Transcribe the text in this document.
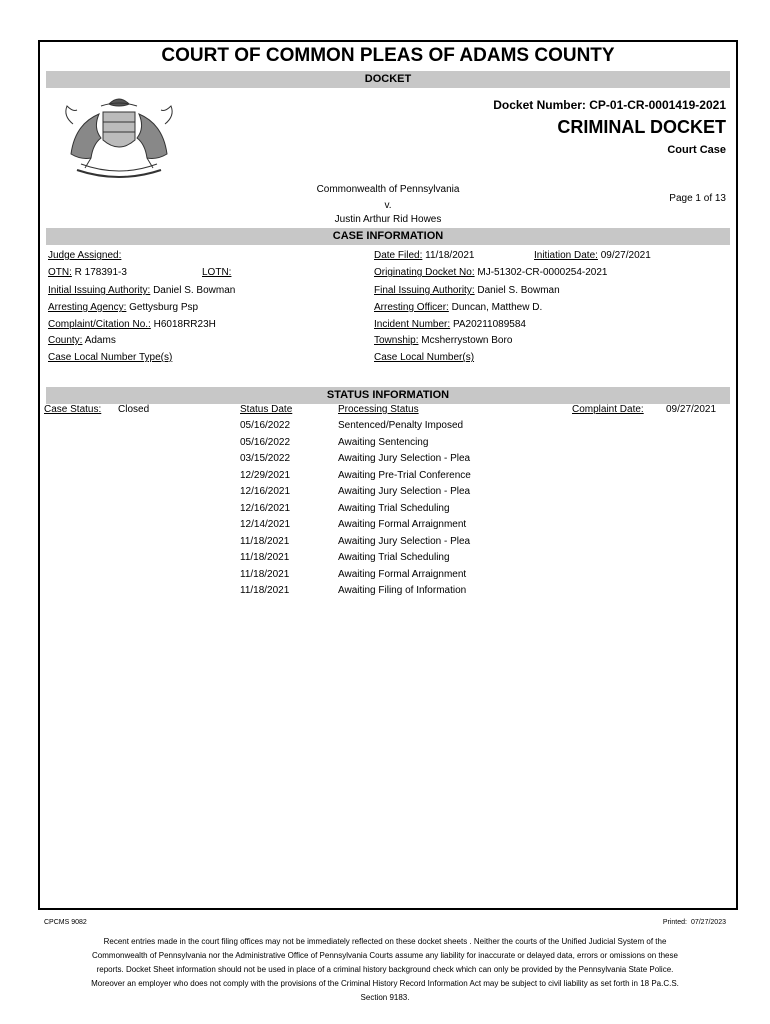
COURT OF COMMON PLEAS OF ADAMS COUNTY
DOCKET
Docket Number: CP-01-CR-0001419-2021
CRIMINAL DOCKET
Court Case
Commonwealth of Pennsylvania
v.
Justin Arthur Rid Howes
Page 1 of 13
CASE INFORMATION
Judge Assigned:
OTN: R 178391-3	LOTN:
Initial Issuing Authority: Daniel S. Bowman
Arresting Agency: Gettysburg Psp
Complaint/Citation No.: H6018RR23H
County: Adams
Case Local Number Type(s)
Date Filed: 11/18/2021	Initiation Date: 09/27/2021
Originating Docket No: MJ-51302-CR-0000254-2021
Final Issuing Authority: Daniel S. Bowman
Arresting Officer: Duncan, Matthew D.
Incident Number: PA20211089584
Township: Mcsherrystown Boro
Case Local Number(s)
STATUS INFORMATION
Case Status: Closed	Status Date	Processing Status	Complaint Date: 09/27/2021
05/16/2022	Sentenced/Penalty Imposed
05/16/2022	Awaiting Sentencing
03/15/2022	Awaiting Jury Selection - Plea
12/29/2021	Awaiting Pre-Trial Conference
12/16/2021	Awaiting Jury Selection - Plea
12/16/2021	Awaiting Trial Scheduling
12/14/2021	Awaiting Formal Arraignment
11/18/2021	Awaiting Jury Selection - Plea
11/18/2021	Awaiting Trial Scheduling
11/18/2021	Awaiting Formal Arraignment
11/18/2021	Awaiting Filing of Information
CPCMS 9082	Printed: 07/27/2023
Recent entries made in the court filing offices may not be immediately reflected on these docket sheets . Neither the courts of the Unified Judicial System of the Commonwealth of Pennsylvania nor the Administrative Office of Pennsylvania Courts assume any liability for inaccurate or delayed data, errors or omissions on these reports. Docket Sheet information should not be used in place of a criminal history background check which can only be provided by the Pennsylvania State Police. Moreover an employer who does not comply with the provisions of the Criminal History Record Information Act may be subject to civil liability as set forth in 18 Pa.C.S. Section 9183.
